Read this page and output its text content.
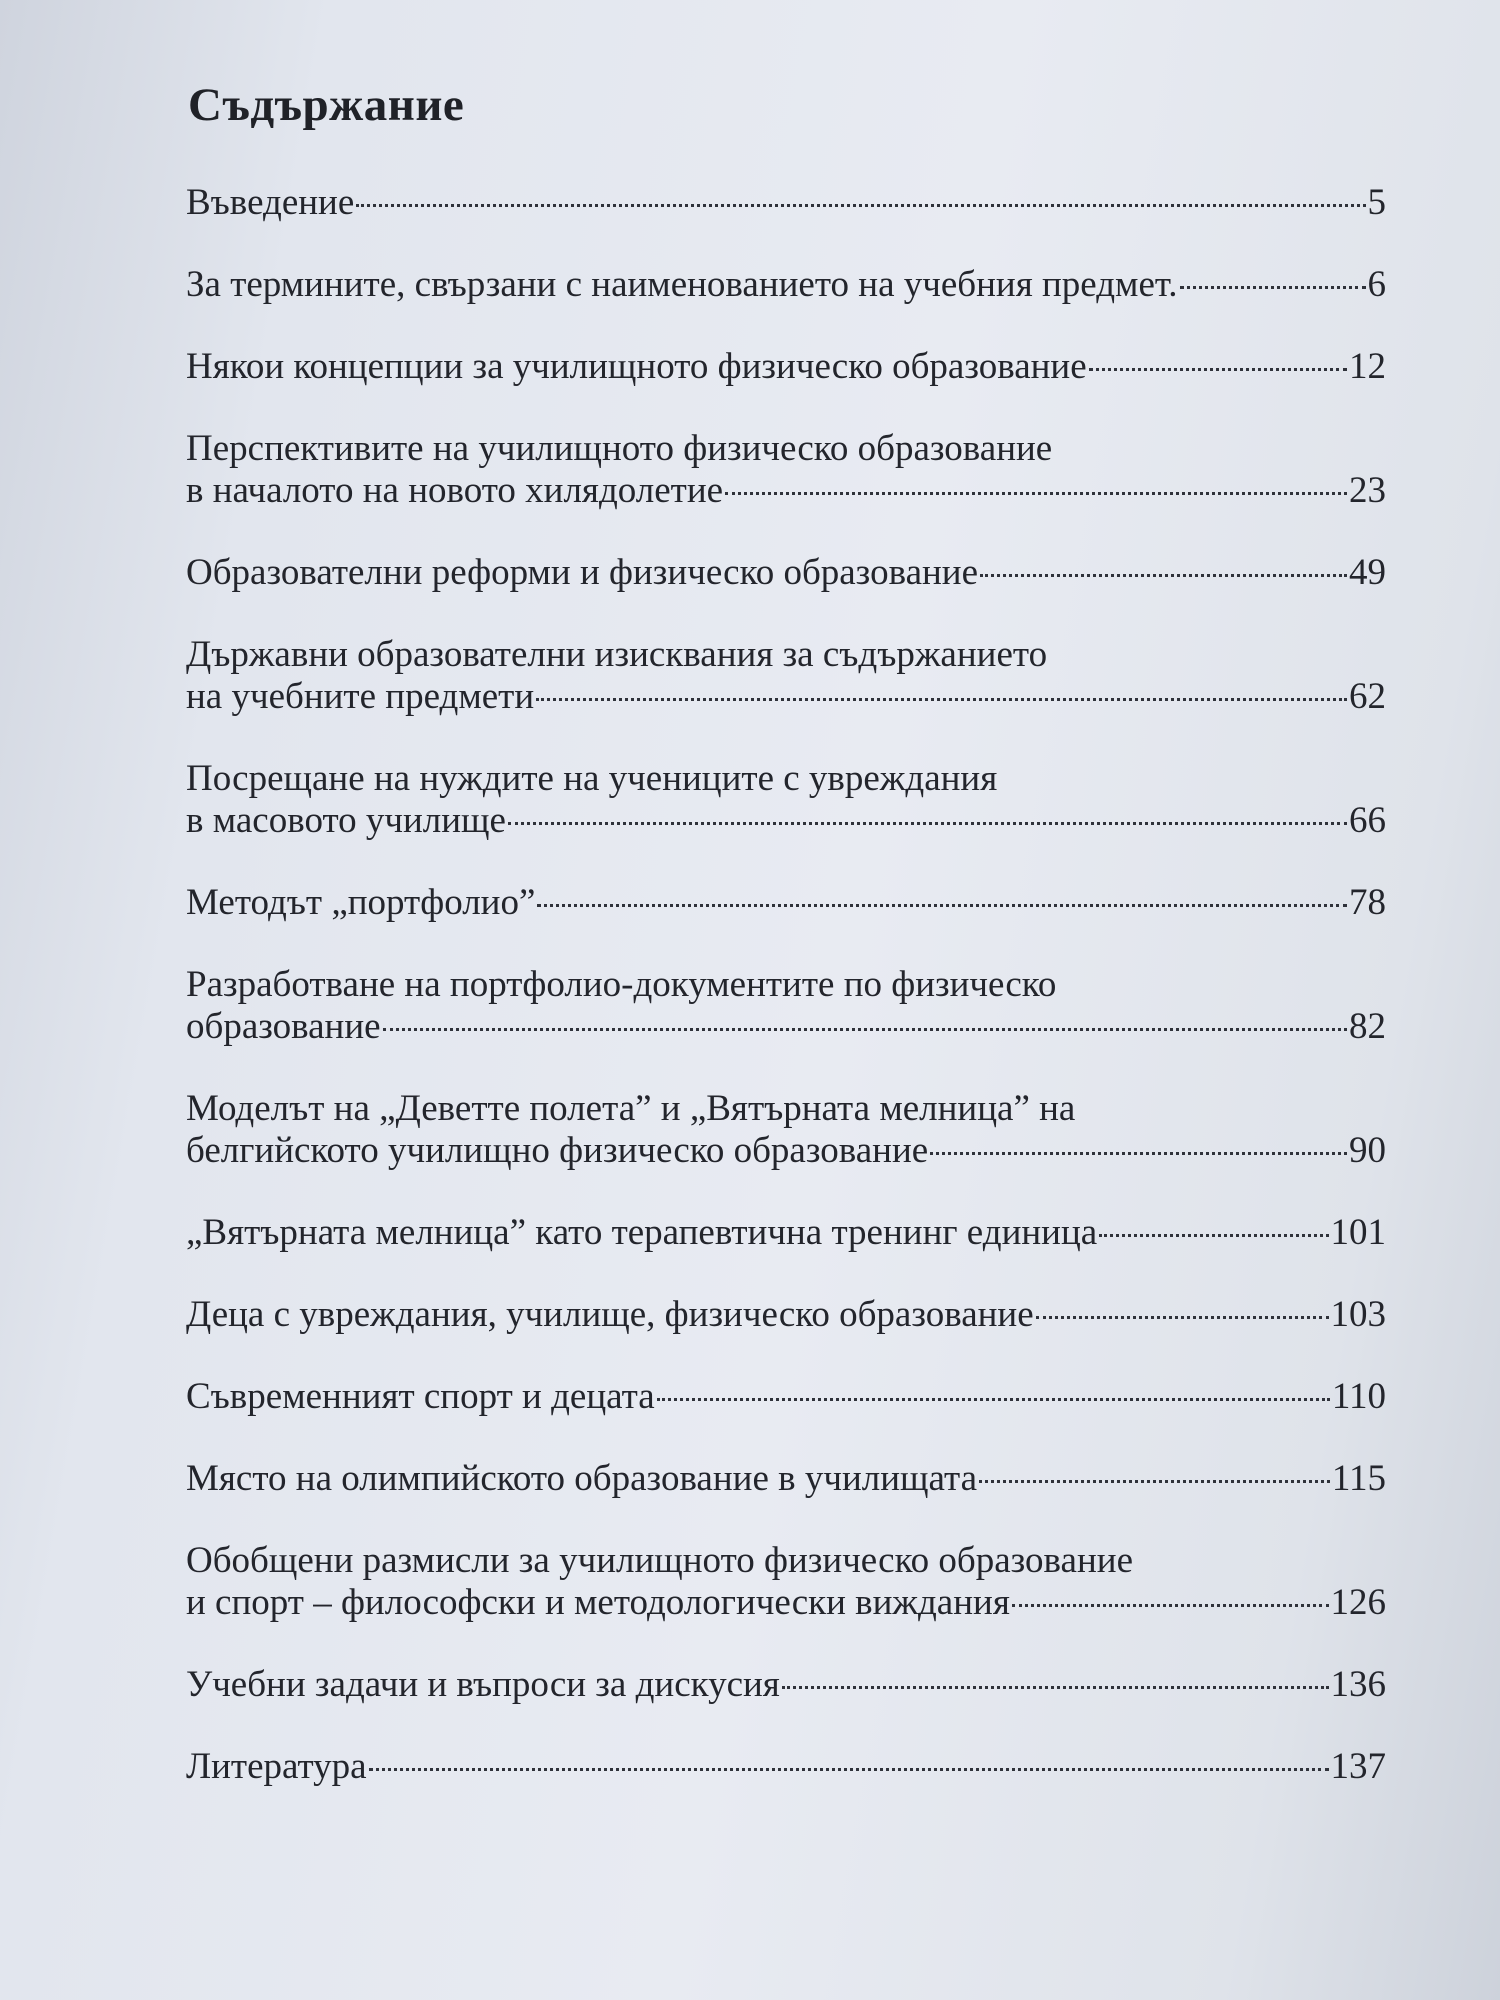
Съдържание
Въведение	5
За термините, свързани с наименованието на учебния предмет.	6
Някои концепции за училищното физическо образование	12
Перспективите на училищното физическо образование
в началото на новото хилядолетие	23
Образователни реформи и физическо образование	49
Държавни образователни изисквания за съдържанието
на учебните предмети	62
Посрещане на нуждите на учениците с увреждания
в масовото училище	66
Методът „портфолио”	78
Разработване на портфолио-документите по физическо
образование	82
Моделът на „Деветте полета” и „Вятърната мелница” на
белгийското училищно физическо образование	90
„Вятърната мелница” като терапевтична тренинг единица	101
Деца с увреждания, училище, физическо образование	103
Съвременният спорт и децата	110
Място на олимпийското образование в училищата	115
Обобщени размисли за училищното физическо образование
и спорт – философски и методологически виждания	126
Учебни задачи и въпроси за дискусия	136
Литература	137
